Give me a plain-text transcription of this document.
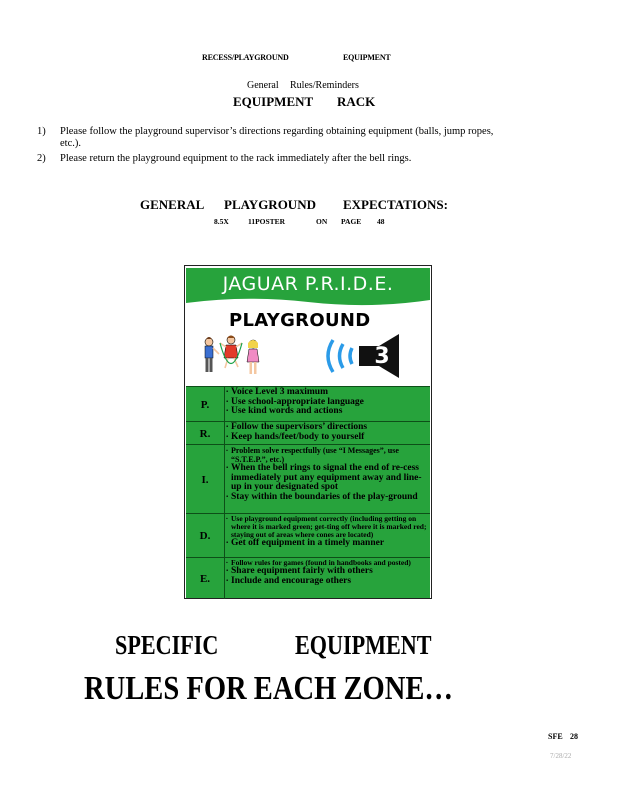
RECESS/PLAYGROUND	EQUIPMENT
General Rules/Reminders
EQUIPMENT RACK
1) Please follow the playground supervisor’s directions regarding obtaining equipment (balls, jump ropes,
etc.).
2) Please return the playground equipment to the rack immediately after the bell rings.
GENERAL PLAYGROUND EXPECTATIONS:
8.5X	11POSTER	ON PAGE 48
JAGUAR P.R.I.D.E.
PLAYGROUND
3
P.
. Voice Level 3 maximum
. Use school-appropriate language
. Use kind words and actions
R.
. Follow the supervisors’ directions
. Keep hands/feet/body to yourself
I.
. Problem solve respectfully (use “I Messages”, use “S.T.E.P.”, etc.)
. When the bell rings to signal the end of re-cess immediately put any equipment away and line-up in your designated spot
. Stay within the boundaries of the play-ground
D.
. Use playground equipment correctly (including getting on where it is marked green; get-ting off where it is marked red; staying out of areas where cones are located)
. Get off equipment in a timely manner
E.
. Follow rules for games (found in handbooks and posted)
. Share equipment fairly with others
. Include and encourage others
SPECIFIC	EQUIPMENT
RULES FOR EACH ZONE…
SFE 28
7/28/22
